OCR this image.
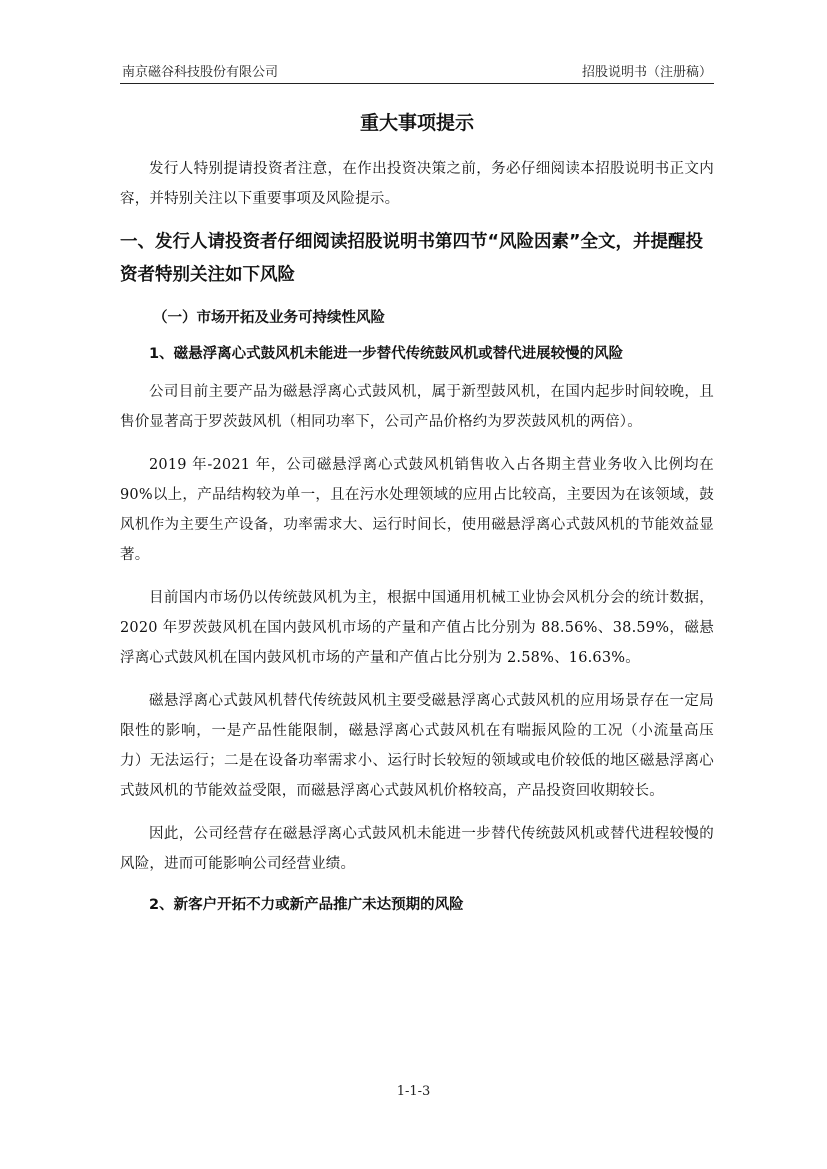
南京磁谷科技股份有限公司	招股说明书（注册稿）
重大事项提示

发行人特别提请投资者注意，在作出投资决策之前，务必仔细阅读本招股说明书正文内容，并特别关注以下重要事项及风险提示。

一、发行人请投资者仔细阅读招股说明书第四节“风险因素”全文，并提醒投资者特别关注如下风险
（一）市场开拓及业务可持续性风险
1、磁悬浮离心式鼓风机未能进一步替代传统鼓风机或替代进展较慢的风险

公司目前主要产品为磁悬浮离心式鼓风机，属于新型鼓风机，在国内起步时间较晚，且售价显著高于罗茨鼓风机（相同功率下，公司产品价格约为罗茨鼓风机的两倍）。

2019 年-2021 年，公司磁悬浮离心式鼓风机销售收入占各期主营业务收入比例均在 90%以上，产品结构较为单一，且在污水处理领域的应用占比较高，主要因为在该领域，鼓风机作为主要生产设备，功率需求大、运行时间长，使用磁悬浮离心式鼓风机的节能效益显著。

目前国内市场仍以传统鼓风机为主，根据中国通用机械工业协会风机分会的统计数据，2020 年罗茨鼓风机在国内鼓风机市场的产量和产值占比分别为 88.56%、38.59%，磁悬浮离心式鼓风机在国内鼓风机市场的产量和产值占比分别为 2.58%、16.63%。

磁悬浮离心式鼓风机替代传统鼓风机主要受磁悬浮离心式鼓风机的应用场景存在一定局限性的影响，一是产品性能限制，磁悬浮离心式鼓风机在有喘振风险的工况（小流量高压力）无法运行；二是在设备功率需求小、运行时长较短的领域或电价较低的地区磁悬浮离心式鼓风机的节能效益受限，而磁悬浮离心式鼓风机价格较高，产品投资回收期较长。

因此，公司经营存在磁悬浮离心式鼓风机未能进一步替代传统鼓风机或替代进程较慢的风险，进而可能影响公司经营业绩。

2、新客户开拓不力或新产品推广未达预期的风险
1-1-3
